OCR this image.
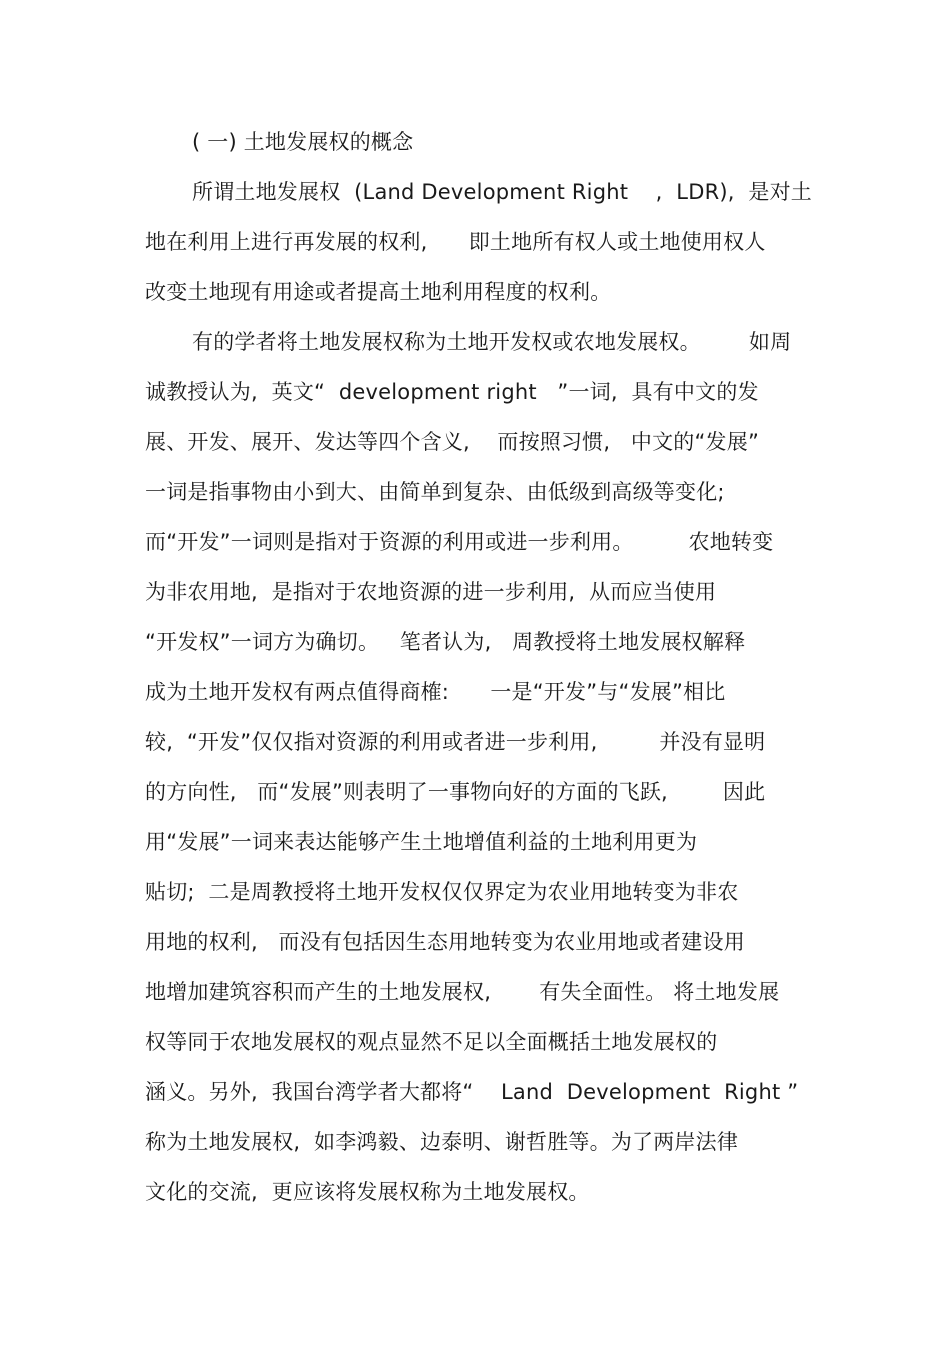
( 一) 土地发展权的概念
所谓土地发展权  (Land Development Right    ,  LDR),  是对土
地在利用上进行再发展的权利,      即土地所有权人或土地使用权人
改变土地现有用途或者提高土地利用程度的权利。
有的学者将土地发展权称为土地开发权或农地发展权。       如周
诚教授认为,  英文“  development right   ”一词,  具有中文的发
展、开发、展开、发达等四个含义,    而按照习惯,   中文的“发展”
一词是指事物由小到大、由简单到复杂、由低级到高级等变化;
而“开发”一词则是指对于资源的利用或进一步利用。        农地转变
为非农用地,  是指对于农地资源的进一步利用,  从而应当使用
“开发权”一词方为确切。   笔者认为,   周教授将土地发展权解释
成为土地开发权有两点值得商榷:      一是“开发”与“发展”相比
较,  “开发”仅仅指对资源的利用或者进一步利用,         并没有显明
的方向性,   而“发展”则表明了一事物向好的方面的飞跃,        因此
用“发展”一词来表达能够产生土地增值利益的土地利用更为
贴切;  二是周教授将土地开发权仅仅界定为农业用地转变为非农
用地的权利,   而没有包括因生态用地转变为农业用地或者建设用
地增加建筑容积而产生的土地发展权,       有失全面性。 将土地发展
权等同于农地发展权的观点显然不足以全面概括土地发展权的
涵义。另外,  我国台湾学者大都将“    Land  Development  Right ”
称为土地发展权,  如李鸿毅、边泰明、谢哲胜等。为了两岸法律
文化的交流,  更应该将发展权称为土地发展权。
